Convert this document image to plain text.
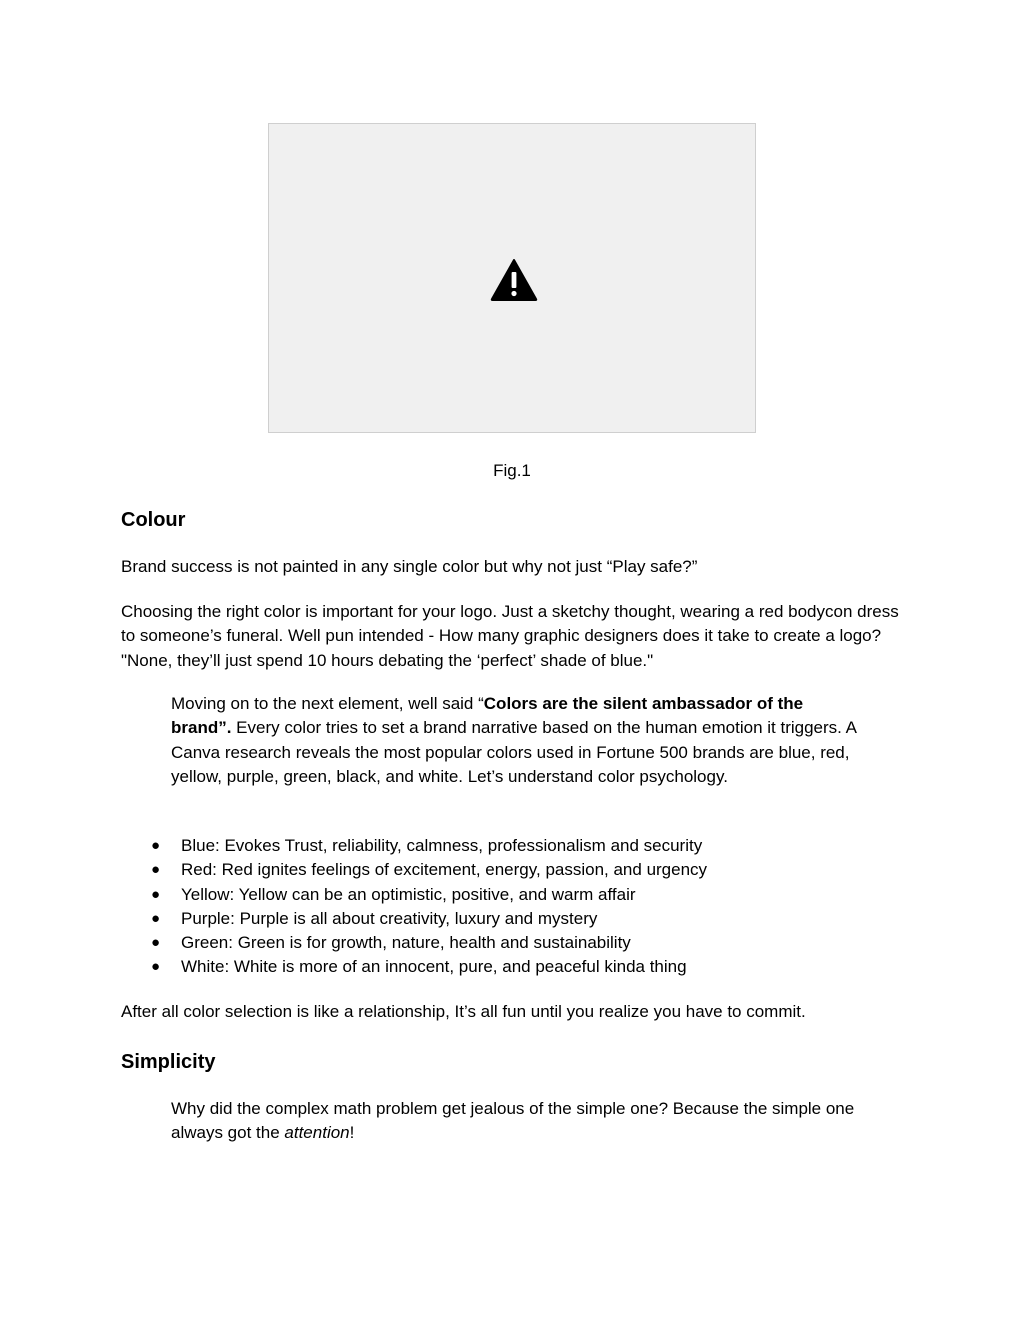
Fig.1
Colour

Brand success is not painted in any single color but why not just “Play safe?”

Choosing the right color is important for your logo. Just a sketchy thought, wearing a red bodycon dress to someone’s funeral. Well pun intended - How many graphic designers does it take to create a logo? "None, they’ll just spend 10 hours debating the ‘perfect’ shade of blue."

Moving on to the next element, well said “Colors are the silent ambassador of the brand”. Every color tries to set a brand narrative based on the human emotion it triggers. A Canva research reveals the most popular colors used in Fortune 500 brands are blue, red, yellow, purple, green, black, and white. Let’s understand color psychology.

● Blue: Evokes Trust, reliability, calmness, professionalism and security
● Red: Red ignites feelings of excitement, energy, passion, and urgency
● Yellow: Yellow can be an optimistic, positive, and warm affair
● Purple: Purple is all about creativity, luxury and mystery
● Green: Green is for growth, nature, health and sustainability
● White: White is more of an innocent, pure, and peaceful kinda thing

After all color selection is like a relationship, It’s all fun until you realize you have to commit.

Simplicity

Why did the complex math problem get jealous of the simple one? Because the simple one always got the attention!
